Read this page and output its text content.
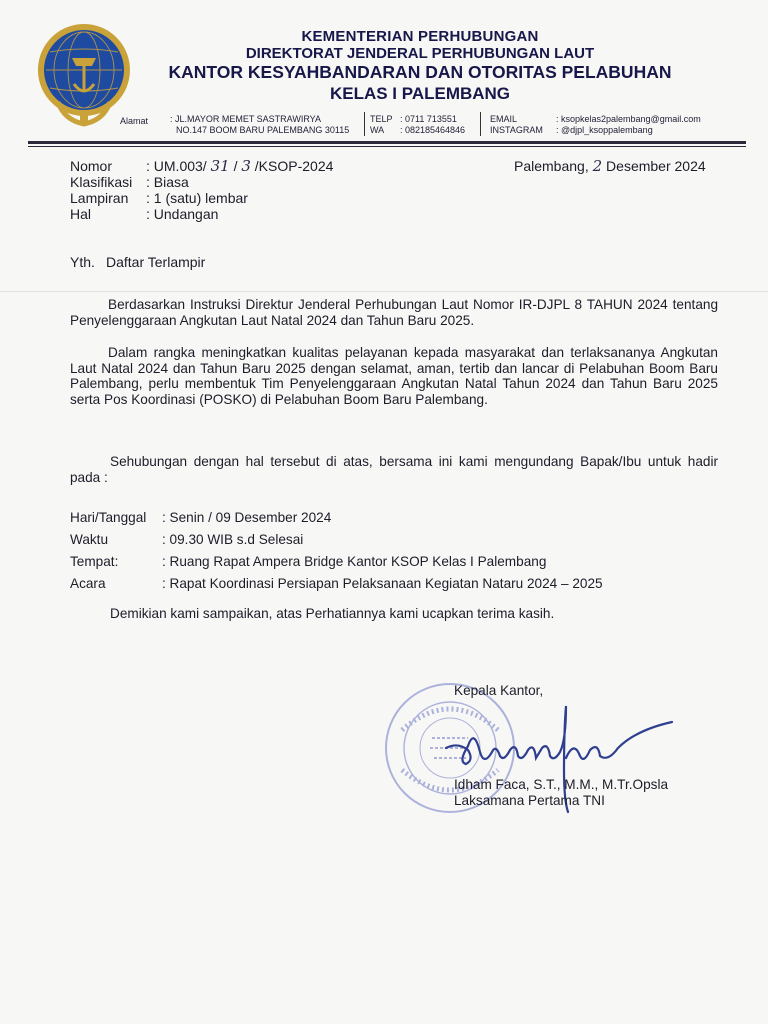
KEMENTERIAN PERHUBUNGAN
DIREKTORAT JENDERAL PERHUBUNGAN LAUT
KANTOR KESYAHBANDARAN DAN OTORITAS PELABUHAN
KELAS I PALEMBANG
Alamat : JL.MAYOR MEMET SASTRAWIRYA
NO.147 BOOM BARU PALEMBANG 30115
TELP : 0711 713551
WA : 082185464846
EMAIL	: ksopkelas2palembang@gmail.com
INSTAGRAM : @djpl_ksoppalembang
Nomor : UM.003/ 31 / 3 /KSOP-2024
Klasifikasi : Biasa
Lampiran : 1 (satu) lembar
Hal	: Undangan
Palembang, 2 Desember 2024
Yth. Daftar Terlampir
Berdasarkan Instruksi Direktur Jenderal Perhubungan Laut Nomor IR-DJPL 8 TAHUN 2024 tentang Penyelenggaraan Angkutan Laut Natal 2024 dan Tahun Baru 2025.
Dalam rangka meningkatkan kualitas pelayanan kepada masyarakat dan terlaksananya Angkutan Laut Natal 2024 dan Tahun Baru 2025 dengan selamat, aman, tertib dan lancar di Pelabuhan Boom Baru Palembang, perlu membentuk Tim Penyelenggaraan Angkutan Natal Tahun 2024 dan Tahun Baru 2025 serta Pos Koordinasi (POSKO) di Pelabuhan Boom Baru Palembang.
Sehubungan dengan hal tersebut di atas, bersama ini kami mengundang Bapak/Ibu untuk hadir pada :
Hari/Tanggal : Senin / 09 Desember 2024
Waktu	: 09.30 WIB s.d Selesai
Tempat:	: Ruang Rapat Ampera Bridge Kantor KSOP Kelas I Palembang
Acara	: Rapat Koordinasi Persiapan Pelaksanaan Kegiatan Nataru 2024 – 2025
Demikian kami sampaikan, atas Perhatiannya kami ucapkan terima kasih.
Kepala Kantor,
Idham Faca, S.T., M.M., M.Tr.Opsla
Laksamana Pertama TNI
